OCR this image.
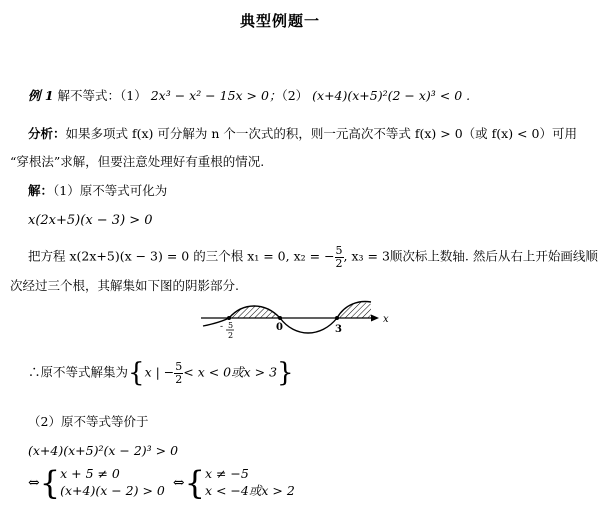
典型例题一
例 1 解不等式：（1） 2x³ − x² − 15x > 0；（2） (x+4)(x+5)²(2 − x)³ < 0 .
分析：如果多项式 f(x) 可分解为 n 个一次式的积，则一元高次不等式 f(x) > 0（或 f(x) < 0）可用
“穿根法”求解，但要注意处理好有重根的情况.
解：（1）原不等式可化为
x(2x+5)(x − 3) > 0
把方程 x(2x+5)(x − 3) = 0 的三个根 x₁ = 0, x₂ = − $\frac{5}{2}$ , x₃ = 3顺次标上数轴. 然后从右上开始画线顺
次经过三个根，其解集如下图的阴影部分.
- 5
2
0	3
x
∴原不等式解集为{x | − $\frac{5}{2} < x < 0$或x > 3}
（2）原不等式等价于
(x+4)(x+5)²(x − 2)³ > 0
⇔{x + 5 ≠ 0
(x+4)(x − 2) > 0 ⇔{x ≠ −5
x < −4或x > 2
